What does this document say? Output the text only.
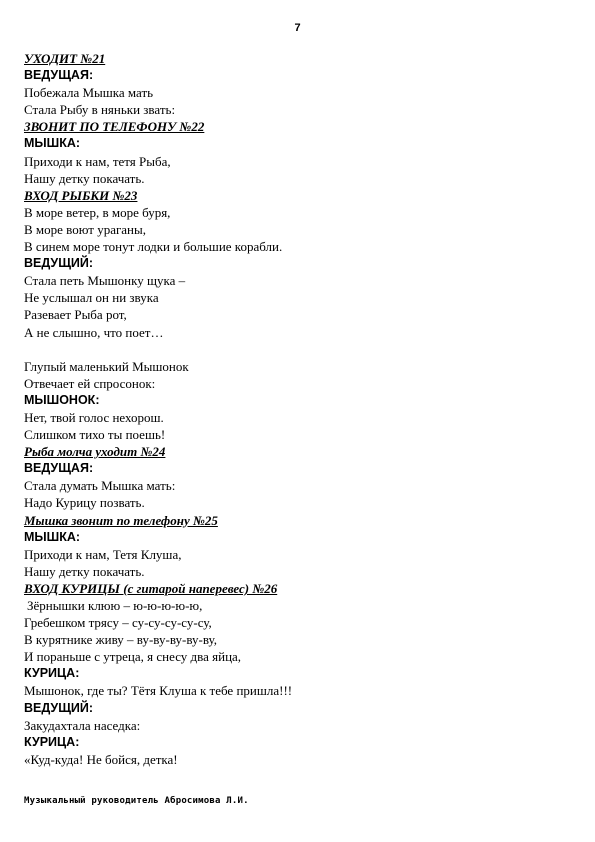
7
УХОДИТ №21
ВЕДУЩАЯ:
Побежала Мышка мать
Стала Рыбу в няньки звать:
ЗВОНИТ ПО ТЕЛЕФОНУ №22
МЫШКА:
Приходи к нам, тетя Рыба,
Нашу детку покачать.
ВХОД РЫБКИ №23
В море ветер, в море буря,
В море воют ураганы,
В синем море тонут лодки и большие корабли.
ВЕДУЩИЙ:
Стала петь Мышонку щука –
Не услышал он ни звука
Разевает Рыба рот,
А не слышно, что поет…
Глупый маленький Мышонок
Отвечает ей спросонок:
МЫШОНОК:
Нет, твой голос нехорош.
Слишком тихо ты поешь!
Рыба молча уходит №24
ВЕДУЩАЯ:
Стала думать Мышка мать:
Надо Курицу позвать.
Мышка звонит по телефону №25
МЫШКА:
Приходи к нам, Тетя Клуша,
Нашу детку покачать.
ВХОД КУРИЦЫ (с гитарой наперевес) №26
Зёрнышки клюю – ю-ю-ю-ю-ю,
Гребешком трясу – су-су-су-су-су,
В курятнике живу – ву-ву-ву-ву-ву,
И пораньше с утреца, я снесу два яйца,
КУРИЦА:
Мышонок, где ты? Тётя Клуша к тебе пришла!!!
ВЕДУЩИЙ:
Закудахтала наседка:
КУРИЦА:
«Куд-куда! Не бойся, детка!
Музыкальный руководитель Абросимова Л.И.
